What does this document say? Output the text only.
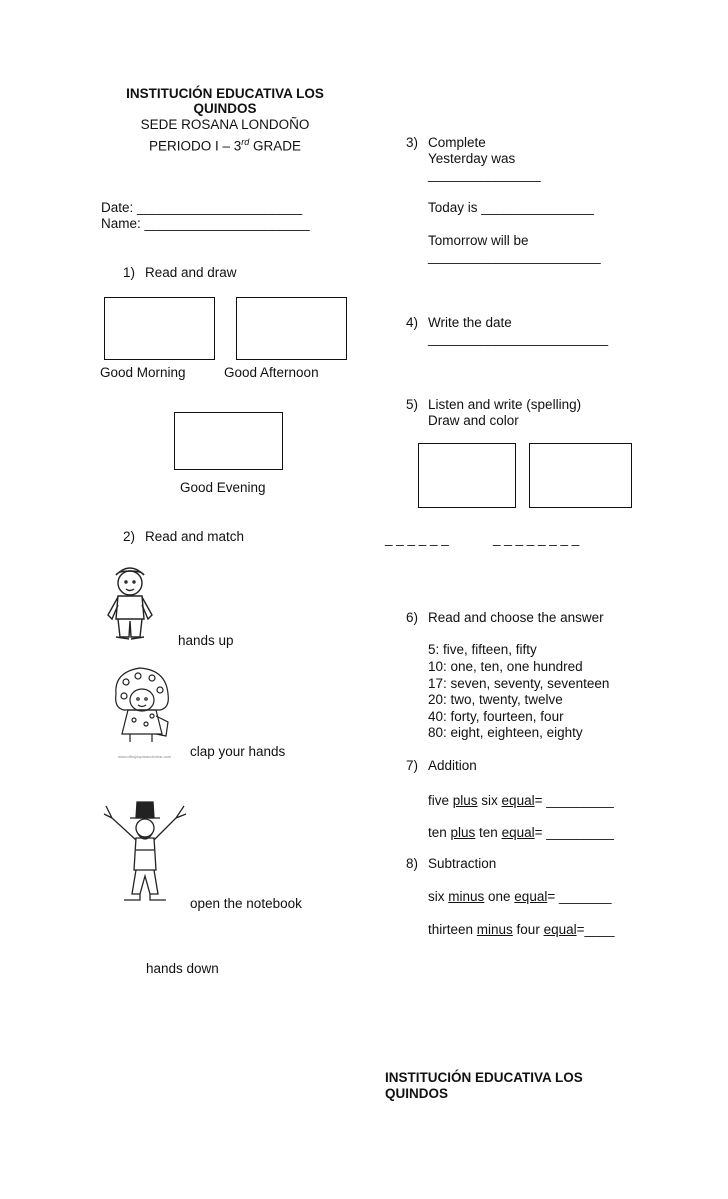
INSTITUCIÓN EDUCATIVA LOS
QUINDOS
SEDE ROSANA LONDOÑO
PERIODO I – 3rd GRADE
Date: ______________________
Name: ______________________
1) Read and draw
Good Morning	Good Afternoon
Good Evening
2) Read and match
hands up
www.dibujosparacolorear.com clap your hands
open the notebook
hands down
3) Complete
Yesterday was
_______________
Today is _______________
Tomorrow will be
_______________________
4) Write the date
________________________
5) Listen and write (spelling)
Draw and color
_ _ _ _ _ _	_ _ _ _ _ _ _ _
6) Read and choose the answer
5: five, fifteen, fifty
10: one, ten, one hundred
17: seven, seventy, seventeen
20: two, twenty, twelve
40: forty, fourteen, four
80: eight, eighteen, eighty
7) Addition
five plus six equal= _________
ten plus ten equal= _________
8) Subtraction
six minus one equal= _______
thirteen minus four equal=____
INSTITUCIÓN EDUCATIVA LOS
QUINDOS
